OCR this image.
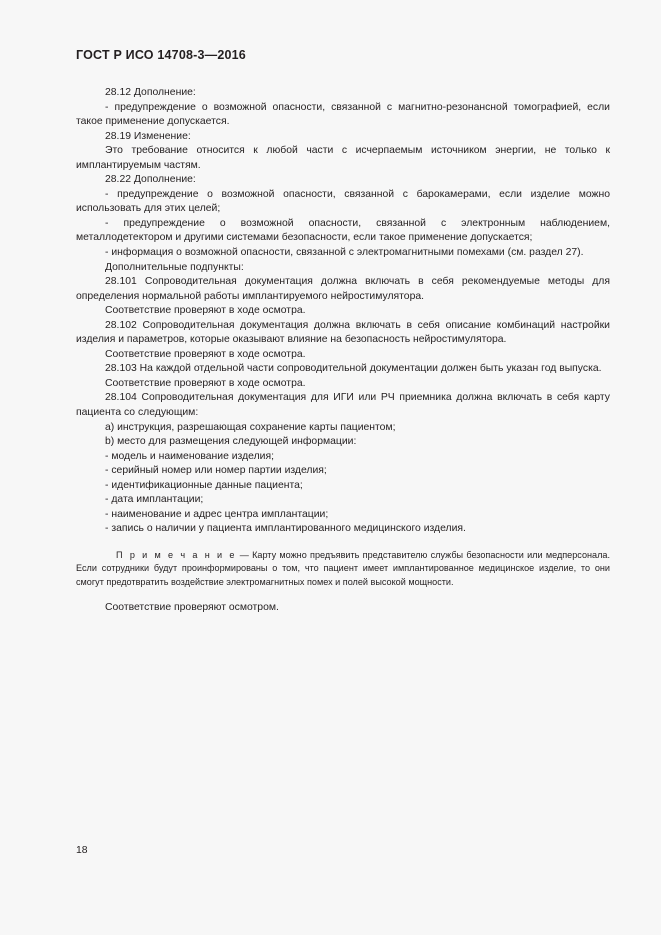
ГОСТ Р ИСО 14708-3—2016

28.12 Дополнение:

- предупреждение о возможной опасности, связанной с магнитно-резонансной томографией, если такое применение допускается.

28.19 Изменение:

Это требование относится к любой части с исчерпаемым источником энергии, не только к имплантируемым частям.

28.22 Дополнение:

- предупреждение о возможной опасности, связанной с барокамерами, если изделие можно использовать для этих целей;

- предупреждение о возможной опасности, связанной с электронным наблюдением, металлодетектором и другими системами безопасности, если такое применение допускается;

- информация о возможной опасности, связанной с электромагнитными помехами (см. раздел 27).

Дополнительные подпункты:

28.101 Сопроводительная документация должна включать в себя рекомендуемые методы для определения нормальной работы имплантируемого нейростимулятора.

Соответствие проверяют в ходе осмотра.

28.102 Сопроводительная документация должна включать в себя описание комбинаций настройки изделия и параметров, которые оказывают влияние на безопасность нейростимулятора.

Соответствие проверяют в ходе осмотра.

28.103 На каждой отдельной части сопроводительной документации должен быть указан год выпуска.

Соответствие проверяют в ходе осмотра.

28.104 Сопроводительная документация для ИГИ или РЧ приемника должна включать в себя карту пациента со следующим:

a) инструкция, разрешающая сохранение карты пациентом;

b) место для размещения следующей информации:

- модель и наименование изделия;

- серийный номер или номер партии изделия;

- идентификационные данные пациента;

- дата имплантации;

- наименование и адрес центра имплантации;

- запись о наличии у пациента имплантированного медицинского изделия.

П р и м е ч а н и е — Карту можно предъявить представителю службы безопасности или медперсонала. Если сотрудники будут проинформированы о том, что пациент имеет имплантированное медицинское изделие, то они смогут предотвратить воздействие электромагнитных помех и полей высокой мощности.

Соответствие проверяют осмотром.

18
